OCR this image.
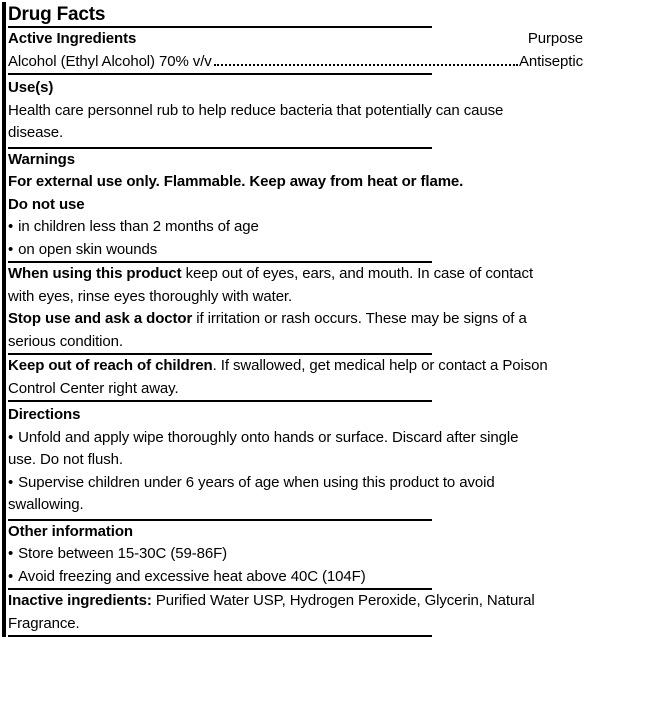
Drug Facts
Active Ingredients	Purpose
Alcohol (Ethyl Alcohol) 70% v/v	Antiseptic
Use(s)
Health care personnel rub to help reduce bacteria that potentially can cause
disease.
Warnings
For external use only. Flammable. Keep away from heat or flame.
Do not use
• in children less than 2 months of age
• on open skin wounds
When using this product keep out of eyes, ears, and mouth. In case of contact
with eyes, rinse eyes thoroughly with water.
Stop use and ask a doctor if irritation or rash occurs. These may be signs of a
serious condition.
Keep out of reach of children. If swallowed, get medical help or contact a Poison
Control Center right away.
Directions
• Unfold and apply wipe thoroughly onto hands or surface. Discard after single
use. Do not flush.
• Supervise children under 6 years of age when using this product to avoid
swallowing.
Other information
• Store between 15-30C (59-86F)
• Avoid freezing and excessive heat above 40C (104F)
Inactive ingredients: Purified Water USP, Hydrogen Peroxide, Glycerin, Natural
Fragrance.
